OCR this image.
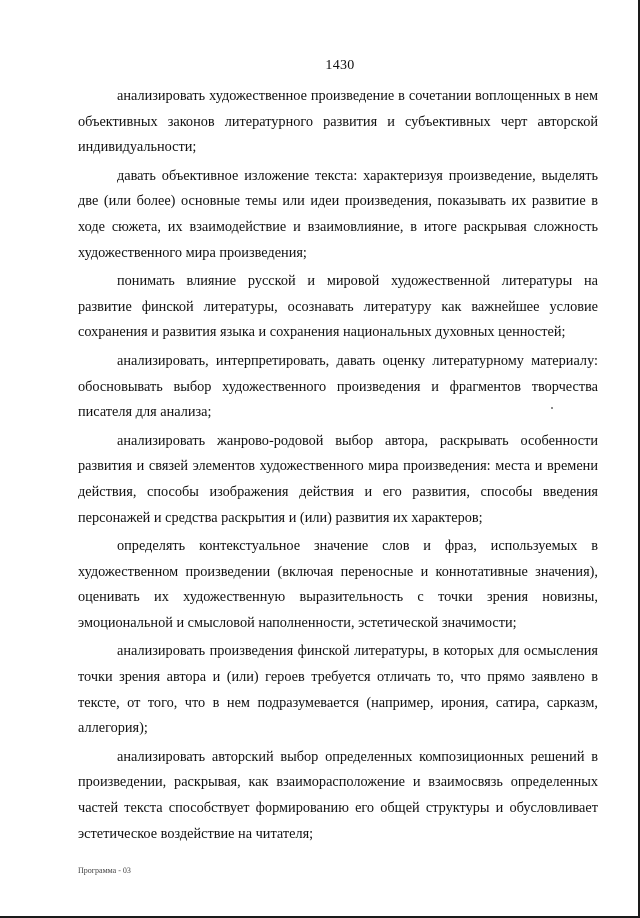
1430

анализировать художественное произведение в сочетании воплощенных в нем объективных законов литературного развития и субъективных черт авторской индивидуальности;

давать объективное изложение текста: характеризуя произведение, выделять две (или более) основные темы или идеи произведения, показывать их развитие в ходе сюжета, их взаимодействие и взаимовлияние, в итоге раскрывая сложность художественного мира произведения;

понимать влияние русской и мировой художественной литературы на развитие финской литературы, осознавать литературу как важнейшее условие сохранения и развития языка и сохранения национальных духовных ценностей;

анализировать, интерпретировать, давать оценку литературному материалу: обосновывать выбор художественного произведения и фрагментов творчества писателя для анализа;

анализировать жанрово-родовой выбор автора, раскрывать особенности развития и связей элементов художественного мира произведения: места и времени действия, способы изображения действия и его развития, способы введения персонажей и средства раскрытия и (или) развития их характеров;

определять контекстуальное значение слов и фраз, используемых в художественном произведении (включая переносные и коннотативные значения), оценивать их художественную выразительность с точки зрения новизны, эмоциональной и смысловой наполненности, эстетической значимости;

анализировать произведения финской литературы, в которых для осмысления точки зрения автора и (или) героев требуется отличать то, что прямо заявлено в тексте, от того, что в нем подразумевается (например, ирония, сатира, сарказм, аллегория);

анализировать авторский выбор определенных композиционных решений в произведении, раскрывая, как взаиморасположение и взаимосвязь определенных частей текста способствует формированию его общей структуры и обусловливает эстетическое воздействие на читателя;

Программа - 03
